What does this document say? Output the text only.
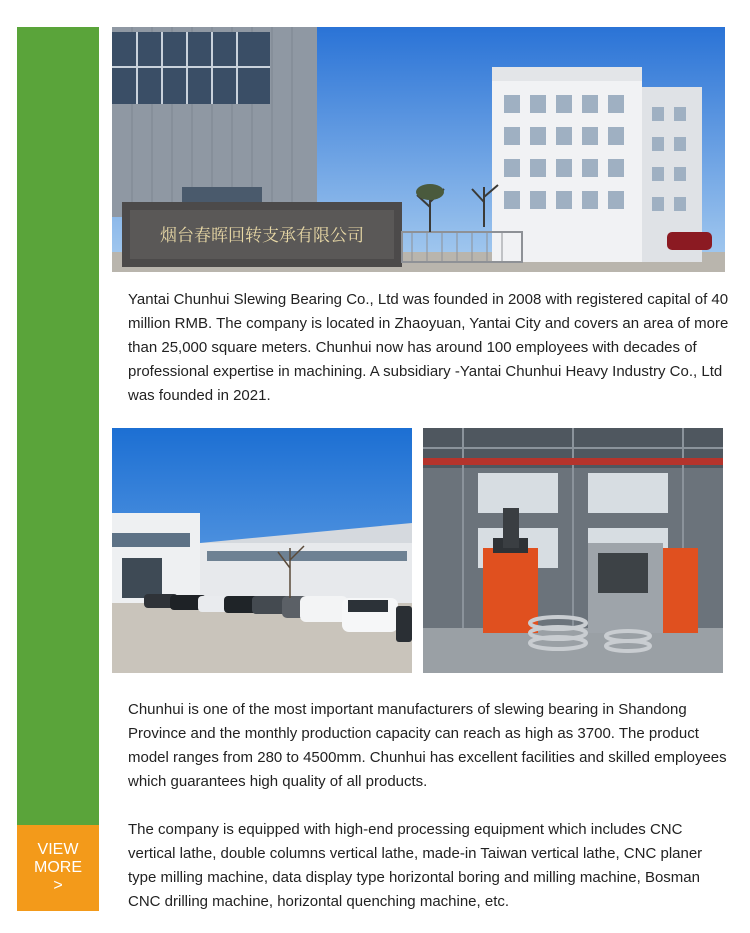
VIEW
MORE
>
烟台春晖回转支承有限公司

Yantai Chunhui Slewing Bearing Co., Ltd was founded in 2008 with registered capital of 40 million RMB. The company is located in Zhaoyuan, Yantai City and covers an area of more than 25,000 square meters. Chunhui now has around 100 employees with decades of professional expertise in machining. A subsidiary -Yantai Chunhui Heavy Industry Co., Ltd was founded in 2021.

Chunhui is one of the most important manufacturers of slewing bearing in Shandong Province and the monthly production capacity can reach as high as 3700. The product model ranges from 280 to 4500mm. Chunhui has excellent facilities and skilled employees which guarantees high quality of all products.

The company is equipped with high-end processing equipment which includes CNC vertical lathe, double columns vertical lathe, made-in Taiwan vertical lathe, CNC planer type milling machine, data display type horizontal boring and milling machine, Bosman CNC drilling machine, horizontal quenching machine, etc.
